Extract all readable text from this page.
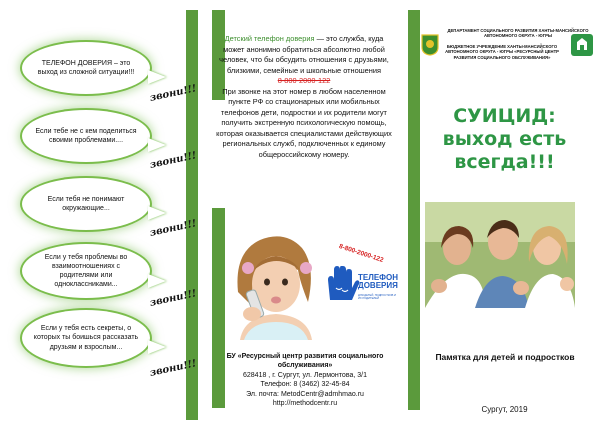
ТЕЛЕФОН ДОВЕРИЯ – это выход из сложной ситуации!!!
звони!!!
Если тебе не с кем поделиться своими проблемами....
звони!!!
Если тебя не понимают окружающие...
звони!!!
Если у тебя проблемы во взаимоотношениях с родителями или одноклассниками...
звони!!!
Если у тебя есть секреты, о которых ты боишься рассказать друзьям и взрослым...
звони!!!
Детский телефон доверия — это служба, куда может анонимно обратиться абсолютно любой человек, что бы обсудить отношения с друзьями, близкими, семейные и школьные отношения
8-800-2000-122
При звонке на этот номер в любом населенном пункте РФ со стационарных или мобильных телефонов дети, подростки и их родители могут получить экстренную психологическую помощь, которая оказывается специалистами действующих региональных служб, подключенных к единому общероссийскому номеру.
8-800-2000-122
ТЕЛЕФОН
ДОВЕРИЯ
ДЛЯ ДЕТЕЙ, ПОДРОСТКОВ И ИХ РОДИТЕЛЕЙ
БУ «Ресурсный центр развития социального обслуживания»
628418 , г. Сургут, ул. Лермонтова, 3/1
Телефон: 8 (3462) 32-45-84
Эл. почта: MetodCentr@admhmao.ru
http://methodcentr.ru
ДЕПАРТАМЕНТ СОЦИАЛЬНОГО РАЗВИТИЯ ХАНТЫ-МАНСИЙСКОГО АВТОНОМНОГО ОКРУГА - ЮГРЫ
БЮДЖЕТНОЕ УЧРЕЖДЕНИЕ ХАНТЫ-МАНСИЙСКОГО АВТОНОМНОГО ОКРУГА - ЮГРЫ «РЕСУРСНЫЙ ЦЕНТР РАЗВИТИЯ СОЦИАЛЬНОГО ОБСЛУЖИВАНИЯ»
СУИЦИД:
выход есть
всегда!!!
Памятка для детей и подростков
Сургут, 2019
